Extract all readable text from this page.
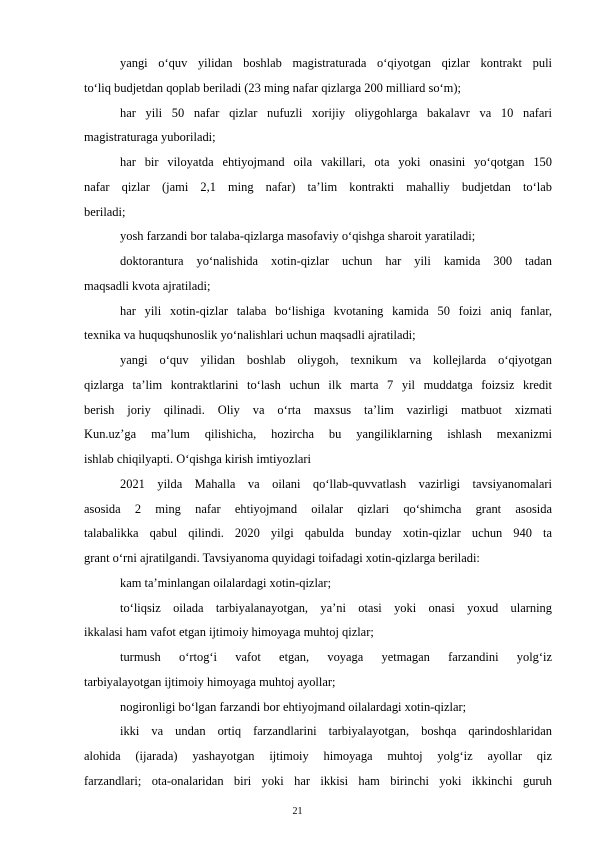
21
yangi o‘quv yilidan boshlab magistraturada o‘qiyotgan qizlar kontrakt puli
to‘liq budjetdan qoplab beriladi (23 ming nafar qizlarga 200 milliard so‘m);
har yili 50 nafar qizlar nufuzli xorijiy oliygohlarga bakalavr va 10 nafari
magistraturaga yuboriladi;
har bir viloyatda ehtiyojmand oila vakillari, ota yoki onasini yo‘qotgan 150
nafar qizlar (jami 2,1 ming nafar) ta’lim kontrakti mahalliy budjetdan to‘lab
beriladi;
yosh farzandi bor talaba-qizlarga masofaviy o‘qishga sharoit yaratiladi;
doktorantura yo‘nalishida xotin-qizlar uchun har yili kamida 300 tadan
maqsadli kvota ajratiladi;
har yili xotin-qizlar talaba bo‘lishiga kvotaning kamida 50 foizi aniq fanlar,
texnika va huquqshunoslik yo‘nalishlari uchun maqsadli ajratiladi;
yangi o‘quv yilidan boshlab oliygoh, texnikum va kollejlarda o‘qiyotgan
qizlarga ta’lim kontraktlarini to‘lash uchun ilk marta 7 yil muddatga foizsiz kredit
berish joriy qilinadi. Oliy va o‘rta maxsus ta’lim vazirligi matbuot xizmati
Kun.uz’ga ma’lum qilishicha, hozircha bu yangiliklarning ishlash mexanizmi
ishlab chiqilyapti. O‘qishga kirish imtiyozlari
2021 yilda Mahalla va oilani qo‘llab-quvvatlash vazirligi tavsiyanomalari
asosida 2 ming nafar ehtiyojmand oilalar qizlari qo‘shimcha grant asosida
talabalikka qabul qilindi. 2020 yilgi qabulda bunday xotin-qizlar uchun 940 ta
grant o‘rni ajratilgandi. Tavsiyanoma quyidagi toifadagi xotin-qizlarga beriladi:
kam ta’minlangan oilalardagi xotin-qizlar;
to‘liqsiz oilada tarbiyalanayotgan, ya’ni otasi yoki onasi yoxud ularning
ikkalasi ham vafot etgan ijtimoiy himoyaga muhtoj qizlar;
turmush o‘rtog‘i vafot etgan, voyaga yetmagan farzandini yolg‘iz
tarbiyalayotgan ijtimoiy himoyaga muhtoj ayollar;
nogironligi bo‘lgan farzandi bor ehtiyojmand oilalardagi xotin-qizlar;
ikki va undan ortiq farzandlarini tarbiyalayotgan, boshqa qarindoshlaridan
alohida (ijarada) yashayotgan ijtimoiy himoyaga muhtoj yolg‘iz ayollar qiz
farzandlari; ota-onalaridan biri yoki har ikkisi ham birinchi yoki ikkinchi guruh
